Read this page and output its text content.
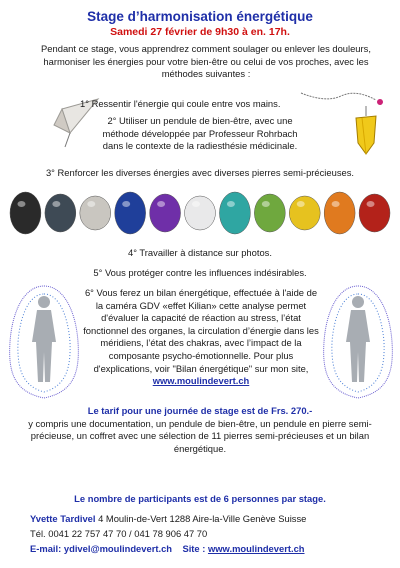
Stage d’harmonisation énergétique
Samedi 27 février de 9h30 à en. 17h.
Pendant ce stage, vous apprendrez comment soulager ou enlever les douleurs, harmoniser les énergies pour votre bien-être ou celui de vos proches, avec les méthodes suivantes :
1° Ressentir l'énergie qui coule entre vos mains.
2° Utiliser un pendule de bien-être, avec une méthode développée par Professeur Rohrbach dans le contexte de la radiesthésie médicinale.
3° Renforcer les diverses énergies avec diverses pierres semi-précieuses.
4° Travailler à distance sur photos.
5° Vous protéger contre les influences indésirables.
6° Vous ferez un bilan énergétique, effectuée à l'aide de la caméra GDV «effet Kilian» cette analyse permet d'évaluer la capacité de réaction au stress, l’état fonctionnel des organes, la circulation d’énergie dans les méridiens, l’état des chakras, avec l’impact de la composante psycho-émotionnelle. Pour plus d'explications, voir "Bilan énergétique" sur mon site, www.moulindevert.ch
Le tarif pour une journée de stage est de Frs. 270.-
y compris une documentation, un pendule de bien-être, un pendule en pierre semi-précieuse, un coffret avec une sélection de 11 pierres semi-précieuses et un bilan énergétique.
Le nombre de participants est de 6 personnes par stage.
Yvette Tardivel 4 Moulin-de-Vert 1288 Aire-la-Ville Genève Suisse
Tél. 0041 22 757 47 70 / 041 78 906 47 70
E-mail: ydivel@moulindevert.ch Site : www.moulindevert.ch
